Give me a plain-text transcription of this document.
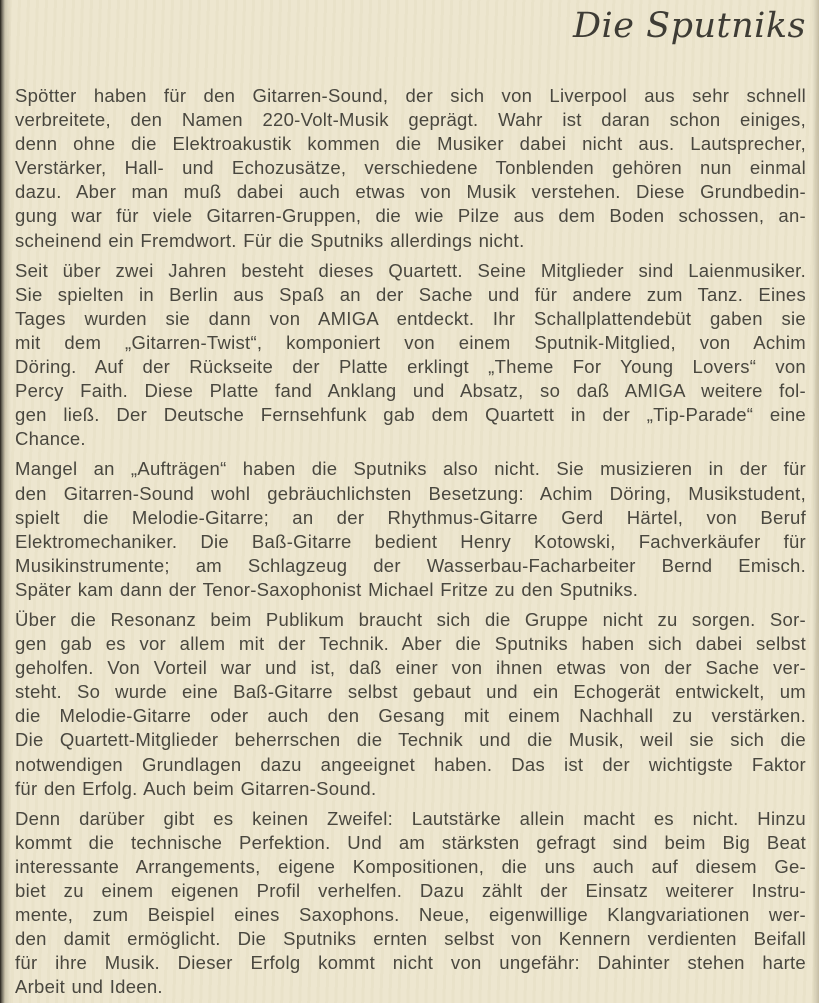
Die Sputniks

Spötter haben für den Gitarren-Sound, der sich von Liverpool aus sehr schnell
verbreitete, den Namen 220-Volt-Musik geprägt. Wahr ist daran schon einiges,
denn ohne die Elektroakustik kommen die Musiker dabei nicht aus. Lautsprecher,
Verstärker, Hall- und Echozusätze, verschiedene Tonblenden gehören nun einmal
dazu. Aber man muß dabei auch etwas von Musik verstehen. Diese Grundbedin-
gung war für viele Gitarren-Gruppen, die wie Pilze aus dem Boden schossen, an-
scheinend ein Fremdwort. Für die Sputniks allerdings nicht.

Seit über zwei Jahren besteht dieses Quartett. Seine Mitglieder sind Laienmusiker.
Sie spielten in Berlin aus Spaß an der Sache und für andere zum Tanz. Eines
Tages wurden sie dann von AMIGA entdeckt. Ihr Schallplattendebüt gaben sie
mit dem „Gitarren-Twist“, komponiert von einem Sputnik-Mitglied, von Achim
Döring. Auf der Rückseite der Platte erklingt „Theme For Young Lovers“ von
Percy Faith. Diese Platte fand Anklang und Absatz, so daß AMIGA weitere fol-
gen ließ. Der Deutsche Fernsehfunk gab dem Quartett in der „Tip-Parade“ eine
Chance.

Mangel an „Aufträgen“ haben die Sputniks also nicht. Sie musizieren in der für
den Gitarren-Sound wohl gebräuchlichsten Besetzung: Achim Döring, Musikstudent,
spielt die Melodie-Gitarre; an der Rhythmus-Gitarre Gerd Härtel, von Beruf
Elektromechaniker. Die Baß-Gitarre bedient Henry Kotowski, Fachverkäufer für
Musikinstrumente; am Schlagzeug der Wasserbau-Facharbeiter Bernd Emisch.
Später kam dann der Tenor-Saxophonist Michael Fritze zu den Sputniks.

Über die Resonanz beim Publikum braucht sich die Gruppe nicht zu sorgen. Sor-
gen gab es vor allem mit der Technik. Aber die Sputniks haben sich dabei selbst
geholfen. Von Vorteil war und ist, daß einer von ihnen etwas von der Sache ver-
steht. So wurde eine Baß-Gitarre selbst gebaut und ein Echogerät entwickelt, um
die Melodie-Gitarre oder auch den Gesang mit einem Nachhall zu verstärken.
Die Quartett-Mitglieder beherrschen die Technik und die Musik, weil sie sich die
notwendigen Grundlagen dazu angeeignet haben. Das ist der wichtigste Faktor
für den Erfolg. Auch beim Gitarren-Sound.

Denn darüber gibt es keinen Zweifel: Lautstärke allein macht es nicht. Hinzu
kommt die technische Perfektion. Und am stärksten gefragt sind beim Big Beat
interessante Arrangements, eigene Kompositionen, die uns auch auf diesem Ge-
biet zu einem eigenen Profil verhelfen. Dazu zählt der Einsatz weiterer Instru-
mente, zum Beispiel eines Saxophons. Neue, eigenwillige Klangvariationen wer-
den damit ermöglicht. Die Sputniks ernten selbst von Kennern verdienten Beifall
für ihre Musik. Dieser Erfolg kommt nicht von ungefähr: Dahinter stehen harte
Arbeit und Ideen.
